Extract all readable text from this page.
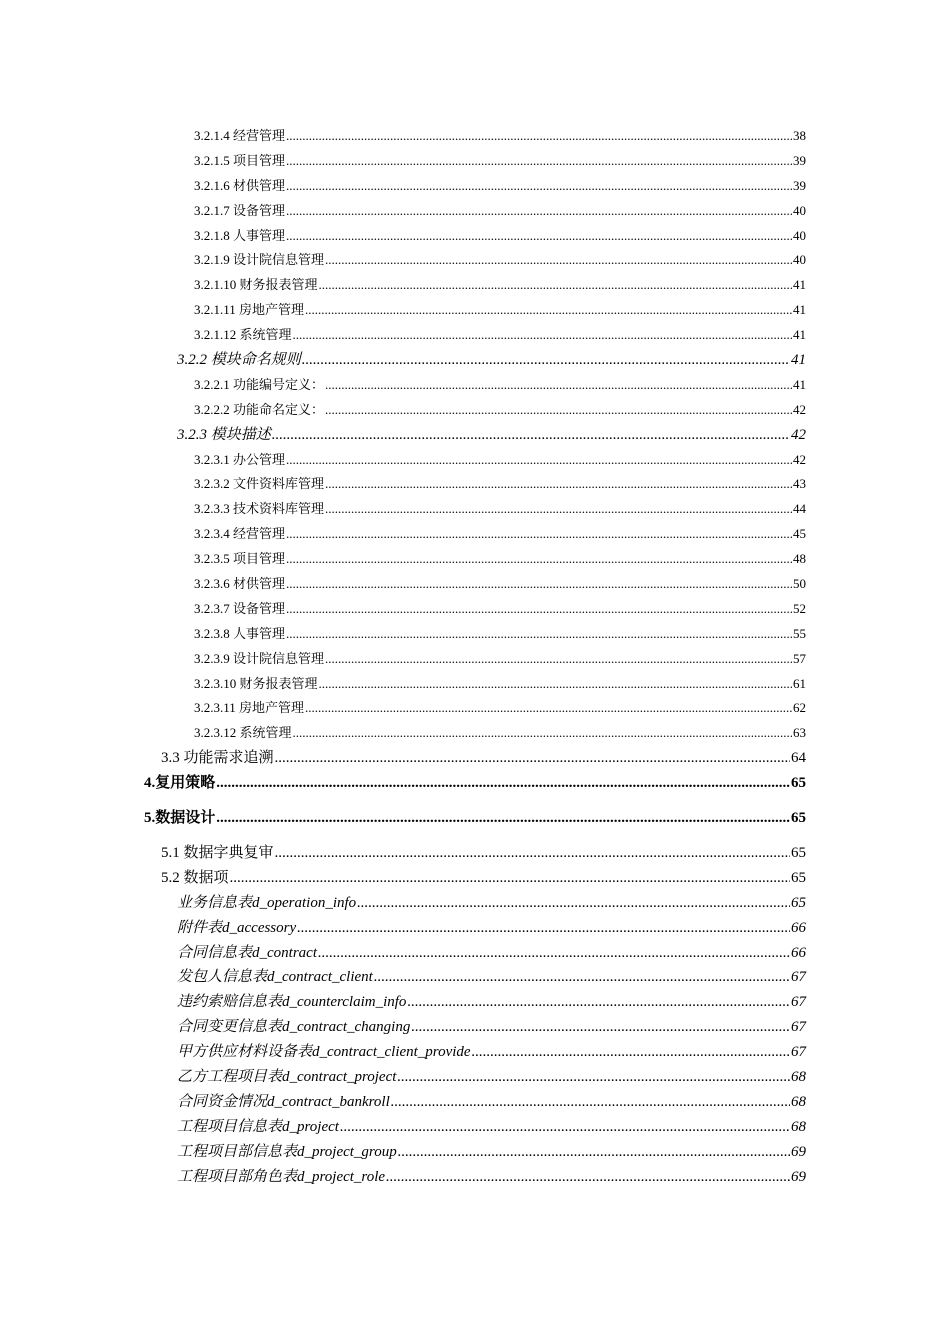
3.2.1.4 经营管理 .....	38
3.2.1.5 项目管理 .....	39
3.2.1.6 材供管理 .....	39
3.2.1.7 设备管理 .....	40
3.2.1.8 人事管理 .....	40
3.2.1.9 设计院信息管理 .....	40
3.2.1.10 财务报表管理 .....	41
3.2.1.11 房地产管理 .....	41
3.2.1.12 系统管理 .....	41
3.2.2 模块命名规则 .....	41
3.2.2.1 功能编号定义： .....	41
3.2.2.2 功能命名定义： .....	42
3.2.3 模块描述 .....	42
3.2.3.1 办公管理 .....	42
3.2.3.2 文件资料库管理 .....	43
3.2.3.3 技术资料库管理 .....	44
3.2.3.4 经营管理 .....	45
3.2.3.5 项目管理 .....	48
3.2.3.6 材供管理 .....	50
3.2.3.7 设备管理 .....	52
3.2.3.8 人事管理 .....	55
3.2.3.9 设计院信息管理 .....	57
3.2.3.10 财务报表管理 .....	61
3.2.3.11 房地产管理 .....	62
3.2.3.12 系统管理 .....	63
3.3 功能需求追溯 .....	64
4.复用策略 .....	65
5.数据设计 .....	65
5.1 数据字典复审 .....	65
5.2 数据项 .....	65
业务信息表d_operation_info .....	65
附件表d_accessory .....	66
合同信息表d_contract .....	66
发包人信息表d_contract_client .....	67
违约索赔信息表d_counterclaim_info .....	67
合同变更信息表d_contract_changing .....	67
甲方供应材料设备表d_contract_client_provide .....	67
乙方工程项目表d_contract_project .....	68
合同资金情况d_contract_bankroll .....	68
工程项目信息表d_project .....	68
工程项目部信息表d_project_group .....	69
工程项目部角色表d_project_role .....	69
